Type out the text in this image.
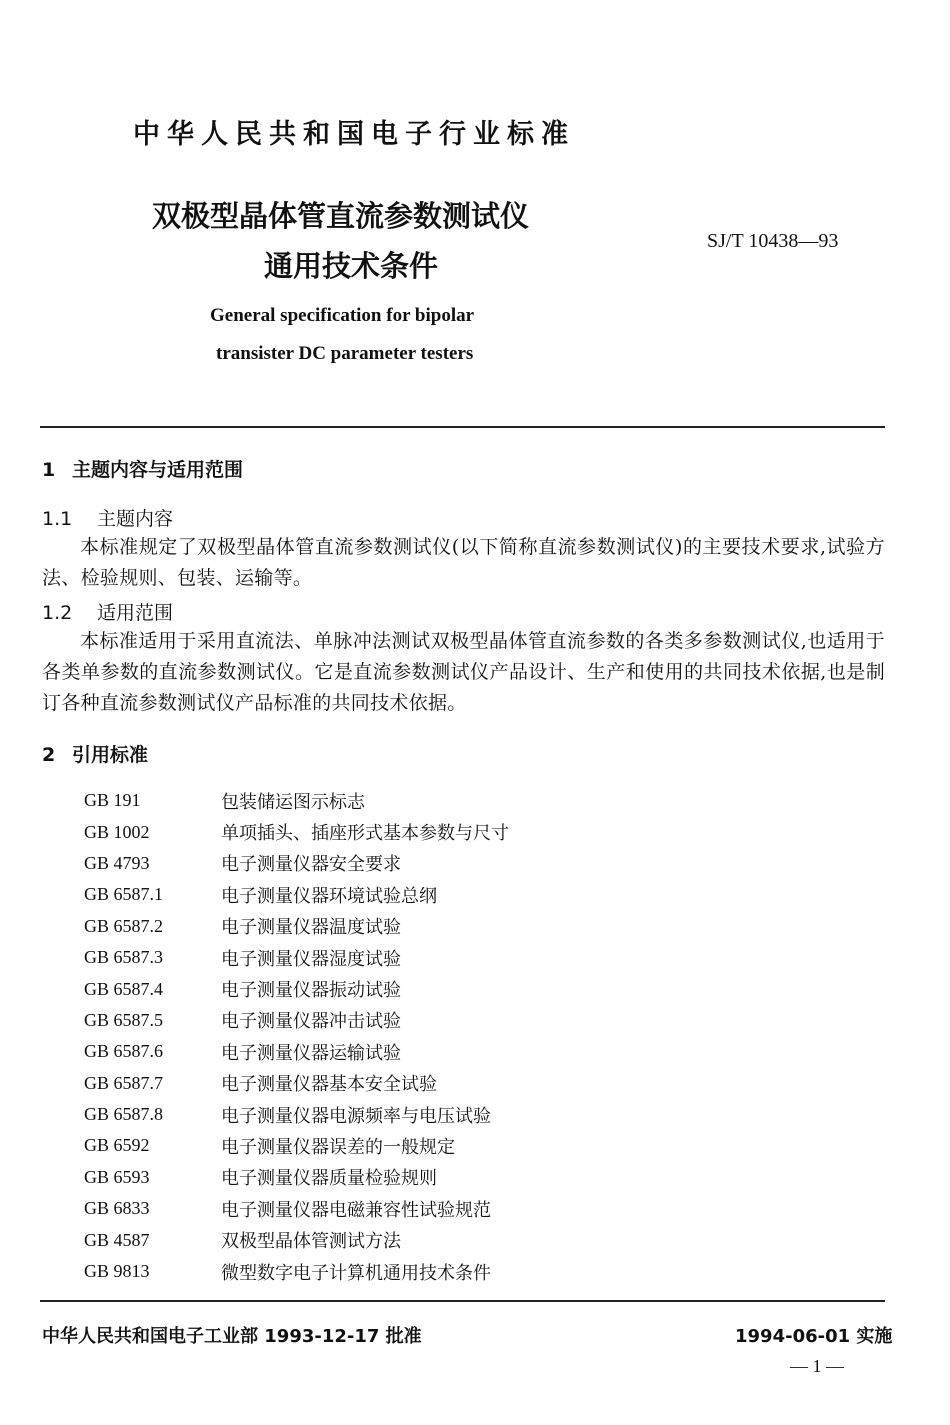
中华人民共和国电子行业标准
双极型晶体管直流参数测试仪
通用技术条件
SJ/T 10438—93
General specification for bipolar
transister DC parameter testers
1 主题内容与适用范围
1.1 主题内容
本标准规定了双极型晶体管直流参数测试仪(以下简称直流参数测试仪)的主要技术要求,试验方法、检验规则、包装、运输等。
1.2 适用范围
本标准适用于采用直流法、单脉冲法测试双极型晶体管直流参数的各类多参数测试仪,也适用于各类单参数的直流参数测试仪。它是直流参数测试仪产品设计、生产和使用的共同技术依据,也是制订各种直流参数测试仪产品标准的共同技术依据。
2 引用标准
GB 191	包装储运图示标志
GB 1002	单项插头、插座形式基本参数与尺寸
GB 4793	电子测量仪器安全要求
GB 6587.1	电子测量仪器环境试验总纲
GB 6587.2	电子测量仪器温度试验
GB 6587.3	电子测量仪器湿度试验
GB 6587.4	电子测量仪器振动试验
GB 6587.5	电子测量仪器冲击试验
GB 6587.6	电子测量仪器运输试验
GB 6587.7	电子测量仪器基本安全试验
GB 6587.8	电子测量仪器电源频率与电压试验
GB 6592	电子测量仪器误差的一般规定
GB 6593	电子测量仪器质量检验规则
GB 6833	电子测量仪器电磁兼容性试验规范
GB 4587	双极型晶体管测试方法
GB 9813	微型数字电子计算机通用技术条件
中华人民共和国电子工业部 1993-12-17 批准	1994-06-01 实施
— 1 —
